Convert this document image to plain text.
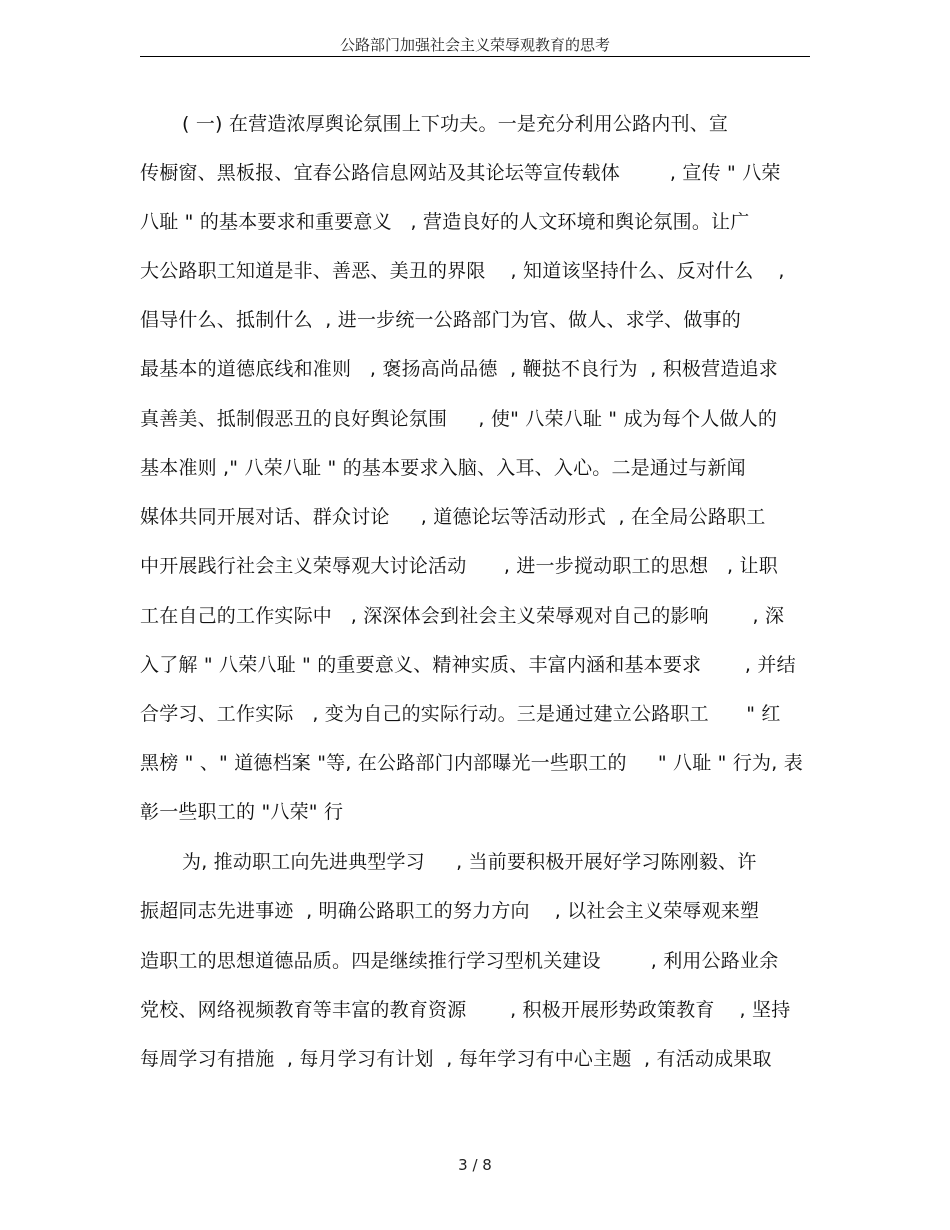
公路部门加强社会主义荣辱观教育的思考
( 一) 在营造浓厚舆论氛围上下功夫。一是充分利用公路内刊、宣
传橱窗、黑板报、宜春公路信息网站及其论坛等宣传载体        , 宣传 " 八荣
八耻 " 的基本要求和重要意义   , 营造良好的人文环境和舆论氛围。让广
大公路职工知道是非、善恶、美丑的界限    , 知道该坚持什么、反对什么    ,
倡导什么、抵制什么  , 进一步统一公路部门为官、做人、求学、做事的
最基本的道德底线和准则   , 褒扬高尚品德  , 鞭挞不良行为  , 积极营造追求
真善美、抵制假恶丑的良好舆论氛围     , 使" 八荣八耻 " 成为每个人做人的
基本准则 ," 八荣八耻 " 的基本要求入脑、入耳、入心。二是通过与新闻
媒体共同开展对话、群众讨论     , 道德论坛等活动形式  , 在全局公路职工
中开展践行社会主义荣辱观大讨论活动      , 进一步搅动职工的思想   , 让职
工在自己的工作实际中   , 深深体会到社会主义荣辱观对自己的影响       , 深
入了解 " 八荣八耻 " 的重要意义、精神实质、丰富内涵和基本要求       , 并结
合学习、工作实际   , 变为自己的实际行动。三是通过建立公路职工      " 红
黑榜 " 、" 道德档案 "等, 在公路部门内部曝光一些职工的     " 八耻 " 行为, 表
彰一些职工的 "八荣" 行
为, 推动职工向先进典型学习     , 当前要积极开展好学习陈刚毅、许
振超同志先进事迹  , 明确公路职工的努力方向    , 以社会主义荣辱观来塑
造职工的思想道德品质。四是继续推行学习型机关建设        , 利用公路业余
党校、网络视频教育等丰富的教育资源       , 积极开展形势政策教育    , 坚持
每周学习有措施  , 每月学习有计划  , 每年学习有中心主题  , 有活动成果取
3 / 8
